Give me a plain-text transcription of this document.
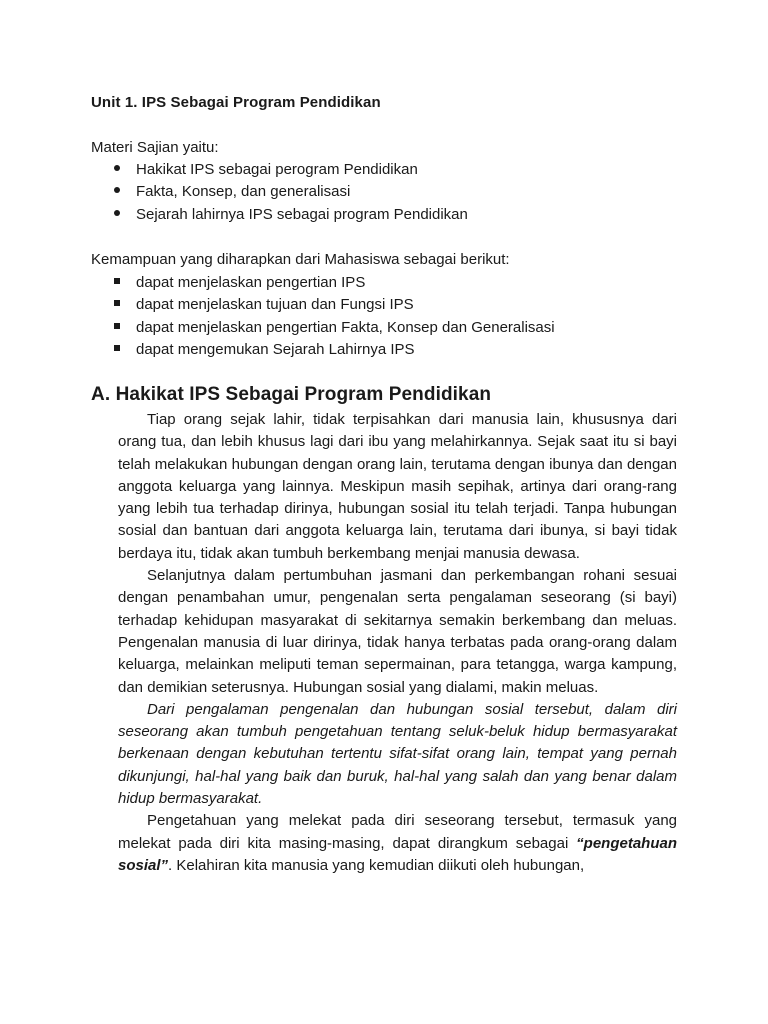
Unit 1. IPS Sebagai Program Pendidikan
Materi Sajian yaitu:
Hakikat IPS sebagai perogram Pendidikan
Fakta, Konsep, dan generalisasi
Sejarah lahirnya IPS sebagai program Pendidikan
Kemampuan yang diharapkan dari Mahasiswa sebagai berikut:
dapat menjelaskan pengertian IPS
dapat menjelaskan tujuan dan Fungsi IPS
dapat menjelaskan pengertian Fakta, Konsep dan Generalisasi
dapat mengemukan Sejarah Lahirnya IPS
A. Hakikat IPS Sebagai Program Pendidikan

Tiap orang sejak lahir, tidak terpisahkan dari manusia lain, khususnya dari orang tua, dan lebih khusus lagi dari ibu yang melahirkannya. Sejak saat itu si bayi telah melakukan hubungan dengan orang lain, terutama dengan ibunya dan dengan anggota keluarga yang lainnya. Meskipun masih sepihak, artinya dari orang-rang yang lebih tua terhadap dirinya, hubungan sosial itu telah terjadi. Tanpa hubungan sosial dan bantuan dari anggota keluarga lain, terutama dari ibunya, si bayi tidak berdaya itu, tidak akan tumbuh berkembang menjai manusia dewasa.

Selanjutnya dalam pertumbuhan jasmani dan perkembangan rohani sesuai dengan penambahan umur, pengenalan serta pengalaman seseorang (si bayi) terhadap kehidupan masyarakat di sekitarnya semakin berkembang dan meluas. Pengenalan manusia di luar dirinya, tidak hanya terbatas pada orang-orang dalam keluarga, melainkan meliputi teman sepermainan, para tetangga, warga kampung, dan demikian seterusnya. Hubungan sosial yang dialami, makin meluas.

Dari pengalaman pengenalan dan hubungan sosial tersebut, dalam diri seseorang akan tumbuh pengetahuan tentang seluk-beluk hidup bermasyarakat berkenaan dengan kebutuhan tertentu sifat-sifat orang lain, tempat yang pernah dikunjungi, hal-hal yang baik dan buruk, hal-hal yang salah dan yang benar dalam hidup bermasyarakat.

Pengetahuan yang melekat pada diri seseorang tersebut, termasuk yang melekat pada diri kita masing-masing, dapat dirangkum sebagai “pengetahuan sosial”. Kelahiran kita manusia yang kemudian diikuti oleh hubungan,
